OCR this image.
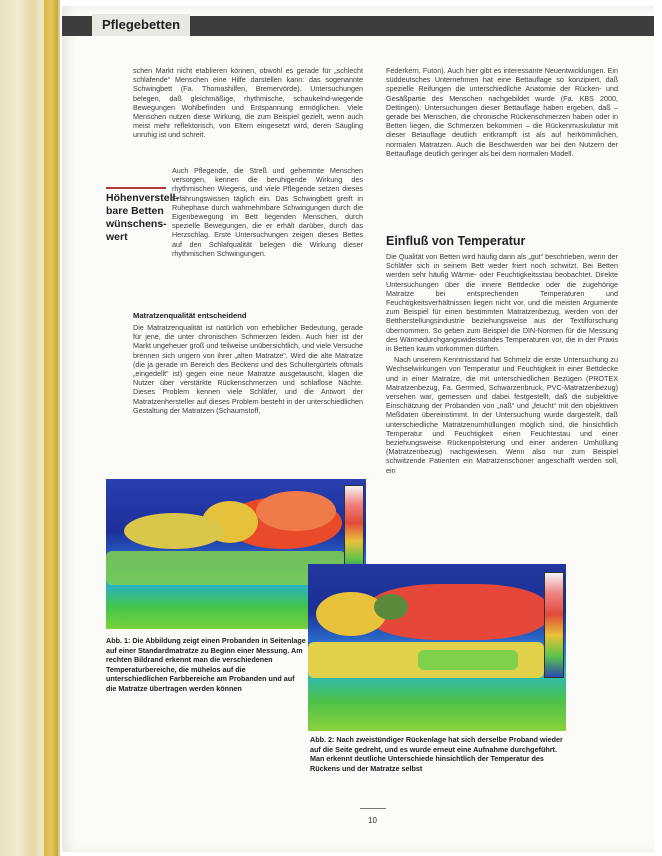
Pflegebetten

schen Markt nicht etablieren können, obwohl es gerade für „schlecht schlafende“ Menschen eine Hilfe darstellen kann: das sogenannte Schwingbett (Fa. Thomashilfen, Bremervörde). Untersuchungen belegen, daß gleichmäßige, rhythmische, schaukelnd-wiegende Bewegungen Wohlbefinden und Entspannung ermöglichen. Viele Menschen nutzen diese Wirkung, die zum Beispiel gezielt, wenn auch meist mehr reflektorisch, von Eltern eingesetzt wird, deren Säugling unruhig ist und schreit.

Höhenverstell-
bare Betten
wünschens-
wert

Auch Pflegende, die Streß und gehemmte Menschen versorgen, kennen die beruhigende Wirkung des rhythmischen Wiegens, und viele Pflegende setzen dieses Erfahrungswissen täglich ein. Das Schwingbett greift in Ruhephase durch wahrnehmbare Schwingungen durch die Eigenbewegung im Bett liegenden Menschen, durch spezielle Bewegungen, die er erhält darüber, durch das Herzschlag. Erste Untersuchungen zeigen dieses Bettes auf den Schlafqualität belegen die Wirkung dieser rhythmischen Schwingungen.

Matratzenqualität entscheidend

Die Matratzenqualität ist natürlich von erheblicher Bedeutung, gerade für jene, die unter chronischen Schmerzen leiden. Auch hier ist der Markt ungeheuer groß und teilweise unübersichtlich, und viele Versuche brennen sich ungern von ihrer „alten Matratze“. Wird die alte Matratze (die ja gerade im Bereich des Beckens und des Schultergürtels oftmals „eingedellt“ ist) gegen eine neue Matratze ausgetauscht, klagen die Nutzer über verstärkte Rückenschmerzen und schlaflose Nächte. Dieses Problem kennen viele Schläfer, und die Antwort der Matratzenhersteller auf dieses Problem besteht in der unterschiedlichen Gestaltung der Matratzen (Schaumstoff,

Federkern, Futon). Auch hier gibt es interessante Neuentwicklungen. Ein süddeutsches Unternehmen hat eine Bettauflage so konzipiert, daß spezielle Reifungen die unterschiedliche Anatomie der Rücken- und Gesäßpartie des Menschen nachgebildet wurde (Fa. KBS 2000, Dettingen). Untersuchungen dieser Bettauflage haben ergeben, daß – gerade bei Menschen, die chronische Rückenschmerzen haben oder in Betten liegen, die Schmerzen bekommen – die Rückenmuskulatur mit dieser Betauflage deutlich entkrampft ist als auf herkömmlichen, normalen Matratzen. Auch die Beschwerden war bei den Nutzern der Bettauflage deutlich geringer als bei dem normalen Modell.

Einfluß von Temperatur

Die Qualität von Betten wird häufig dann als „gut“ beschrieben, wenn der Schläfer sich in seinem Bett weder friert noch schwitzt. Bei Betten werden sehr häufig Wärme- oder Feuchtigkeitsstau beobachtet. Direkte Untersuchungen über die innere Bettdecke oder die zugehörige Matratze bei entsprechenden Temperaturen und Feuchtigkeitsverhältnissen liegen nicht vor, und die meisten Argumente zum Beispiel für einen bestimmten Matratzenbezug, werden von der Bettherstellungsindustrie beziehungsweise aus der Textilforschung übernommen. So geben zum Beispiel die DIN-Normen für die Messung des Wärmedurchgangswiderstandes Temperaturen vor, die in der Praxis in Betten kaum vorkommen dürften.

Nach unserem Kenntnisstand hat Schmelz die erste Untersuchung zu Wechselwirkungen von Temperatur und Feuchtigkeit in einer Bettdecke und in einer Matratze, die mit unterschiedlichen Bezügen (PROTEX Matratzenbezug, Fa. Gerrmed, Schwarzenbruck, PVC-Matratzenbezug) versehen war, gemessen und dabei festgestellt, daß die subjektive Einschätzung der Probanden von „naß“ und „feucht“ mit den objektiven Meßdaten übereinstimmt. In der Untersuchung wurde dargestellt, daß unterschiedliche Matratzenumhüllungen möglich sind, die hinsichtlich Temperatur und Feuchtigkeit einen Feuchtestau und einer beziehungsweise Rückenpolsterung und einer anderen Umhüllung (Matratzenbezug) nachgewiesen. Wenn also nur zum Beispiel schwitzende Patienten ein Matratzenschoner angeschafft werden soll, ein

Abb. 1: Die Abbildung zeigt einen Probanden in Seitenlage auf einer Standardmatratze zu Beginn einer Messung. Am rechten Bildrand erkennt man die verschiedenen Temperaturbereiche, die mühelos auf die unterschiedlichen Farbbereiche am Probanden und auf die Matratze übertragen werden können
Abb. 2: Nach zweistündiger Rückenlage hat sich derselbe Proband wieder auf die Seite gedreht, und es wurde erneut eine Aufnahme durchgeführt. Man erkennt deutliche Unterschiede hinsichtlich der Temperatur des Rückens und der Matratze selbst
10
